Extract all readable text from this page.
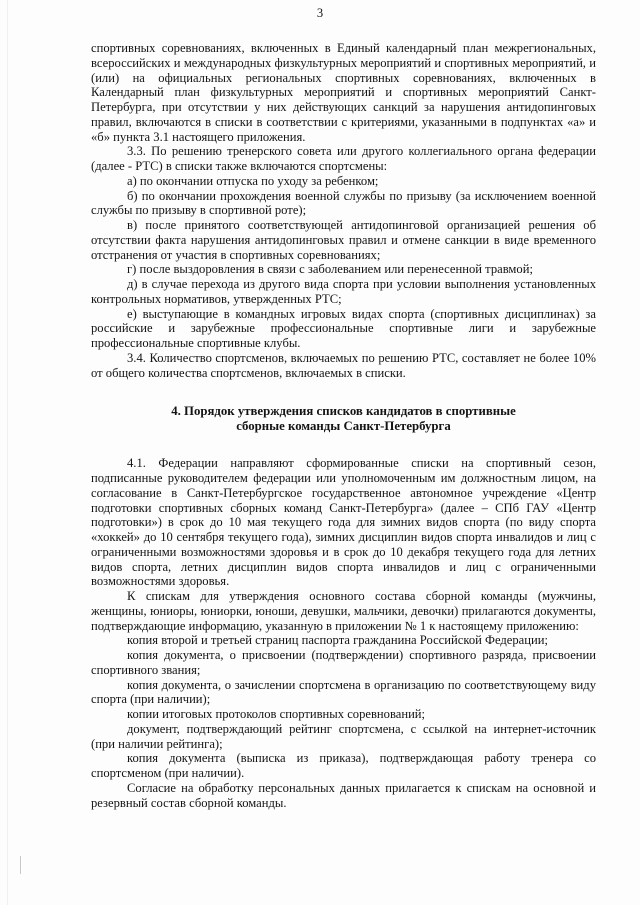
3

спортивных соревнованиях, включенных в Единый календарный план межрегиональных, всероссийских и международных физкультурных мероприятий и спортивных мероприятий, и (или) на официальных региональных спортивных соревнованиях, включенных в Календарный план физкультурных мероприятий и спортивных мероприятий Санкт-Петербурга, при отсутствии у них действующих санкций за нарушения антидопинговых правил, включаются в списки в соответствии с критериями, указанными в подпунктах «а» и «б» пункта 3.1 настоящего приложения.

3.3. По решению тренерского совета или другого коллегиального органа федерации (далее - РТС) в списки также включаются спортсмены:

а) по окончании отпуска по уходу за ребенком;

б) по окончании прохождения военной службы по призыву (за исключением военной службы по призыву в спортивной роте);

в) после принятого соответствующей антидопинговой организацией решения об отсутствии факта нарушения антидопинговых правил и отмене санкции в виде временного отстранения от участия в спортивных соревнованиях;

г) после выздоровления в связи с заболеванием или перенесенной травмой;

д) в случае перехода из другого вида спорта при условии выполнения установленных контрольных нормативов, утвержденных РТС;

е) выступающие в командных игровых видах спорта (спортивных дисциплинах) за российские и зарубежные профессиональные спортивные лиги и зарубежные профессиональные спортивные клубы.

3.4. Количество спортсменов, включаемых по решению РТС, составляет не более 10% от общего количества спортсменов, включаемых в списки.

4. Порядок утверждения списков кандидатов в спортивные
сборные команды Санкт-Петербурга

4.1. Федерации направляют сформированные списки на спортивный сезон, подписанные руководителем федерации или уполномоченным им должностным лицом, на согласование в Санкт-Петербургское государственное автономное учреждение «Центр подготовки спортивных сборных команд Санкт-Петербурга» (далее – СПб ГАУ «Центр подготовки») в срок до 10 мая текущего года для зимних видов спорта (по виду спорта «хоккей» до 10 сентября текущего года), зимних дисциплин видов спорта инвалидов и лиц с ограниченными возможностями здоровья и в срок до 10 декабря текущего года для летних видов спорта, летних дисциплин видов спорта инвалидов и лиц с ограниченными возможностями здоровья.

К спискам для утверждения основного состава сборной команды (мужчины, женщины, юниоры, юниорки, юноши, девушки, мальчики, девочки) прилагаются документы, подтверждающие информацию, указанную в приложении № 1 к настоящему приложению:

копия второй и третьей страниц паспорта гражданина Российской Федерации;

копия документа, о присвоении (подтверждении) спортивного разряда, присвоении спортивного звания;

копия документа, о зачислении спортсмена в организацию по соответствующему виду спорта (при наличии);

копии итоговых протоколов спортивных соревнований;

документ, подтверждающий рейтинг спортсмена, с ссылкой на интернет-источник (при наличии рейтинга);

копия документа (выписка из приказа), подтверждающая работу тренера со спортсменом (при наличии).

Согласие на обработку персональных данных прилагается к спискам на основной и резервный состав сборной команды.
